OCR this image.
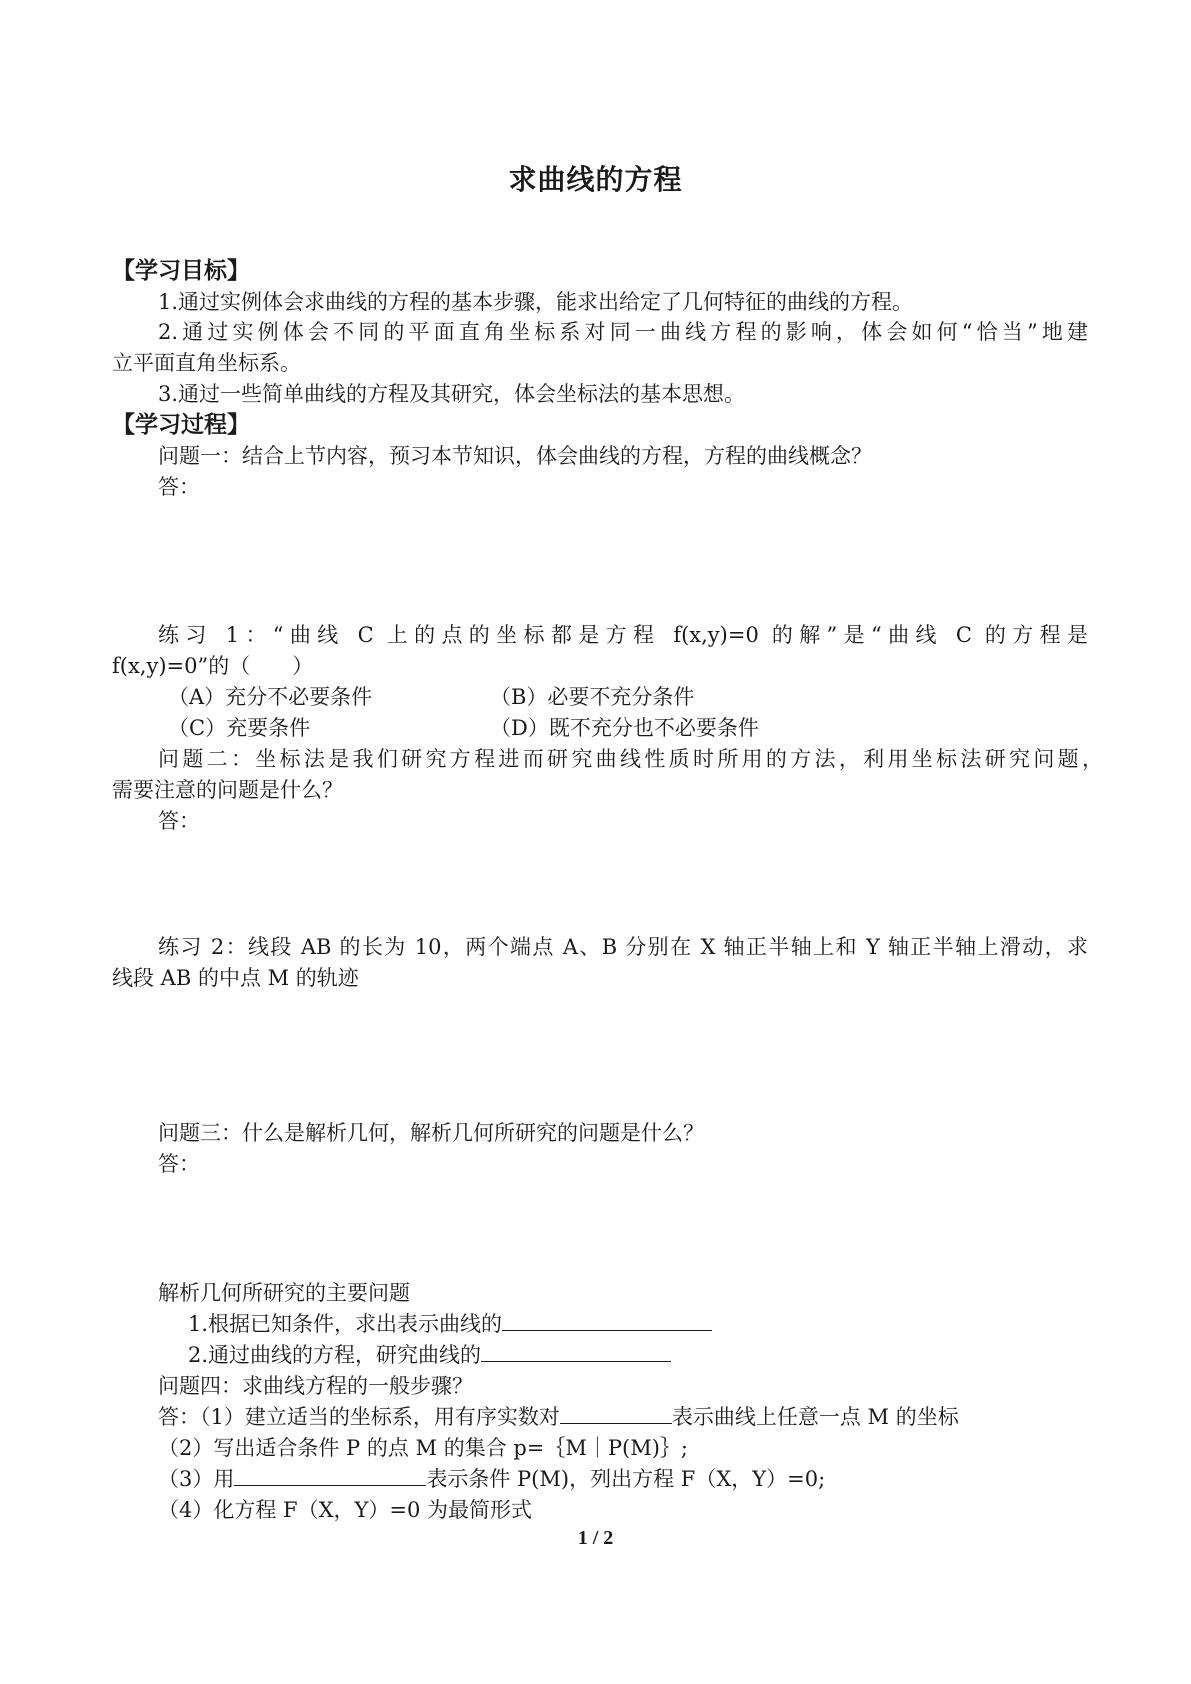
求曲线的方程
【学习目标】
1.通过实例体会求曲线的方程的基本步骤，能求出给定了几何特征的曲线的方程。
2.通过实例体会不同的平面直角坐标系对同一曲线方程的影响，体会如何“恰当”地建
立平面直角坐标系。
3.通过一些简单曲线的方程及其研究，体会坐标法的基本思想。
【学习过程】
问题一：结合上节内容，预习本节知识，体会曲线的方程，方程的曲线概念？
答：
练习 1：“曲线 C 上的点的坐标都是方程 f(x,y)=0 的解”是“曲线 C 的方程是
f(x,y)=0”的（　　）
（A）充分不必要条件	（B）必要不充分条件
（C）充要条件	（D）既不充分也不必要条件
问题二：坐标法是我们研究方程进而研究曲线性质时所用的方法，利用坐标法研究问题，
需要注意的问题是什么？
答：
练习 2：线段 AB 的长为 10，两个端点 A、B 分别在 X 轴正半轴上和 Y 轴正半轴上滑动，求
线段 AB 的中点 M 的轨迹
问题三：什么是解析几何，解析几何所研究的问题是什么？
答：
解析几何所研究的主要问题
1.根据已知条件，求出表示曲线的
2.通过曲线的方程，研究曲线的
问题四：求曲线方程的一般步骤？
答：（1）建立适当的坐标系，用有序实数对	表示曲线上任意一点 M 的坐标
（2）写出适合条件 P 的点 M 的集合 p=｛M｜P(M)｝;
（3）用	表示条件 P(M)，列出方程 F（X，Y）=0;
（4）化方程 F（X，Y）=0 为最简形式
1 / 2
